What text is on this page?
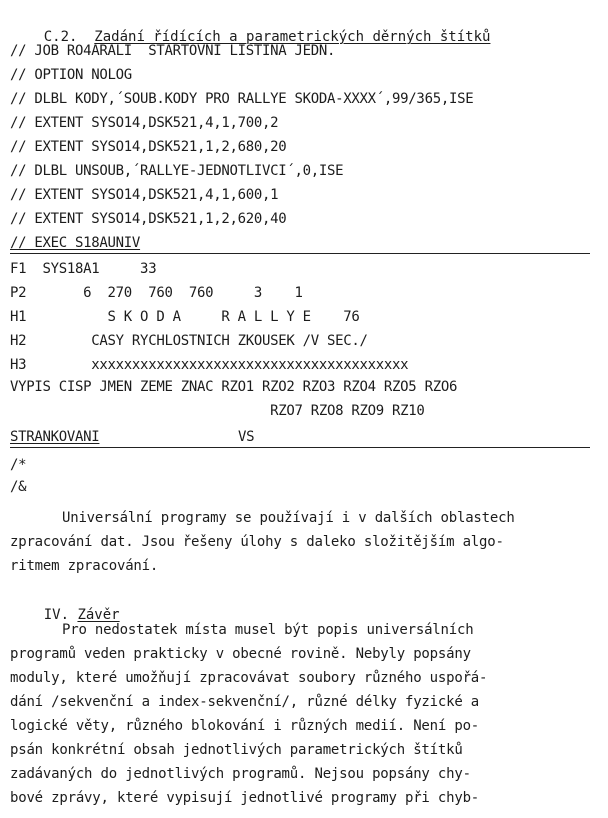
C.2. Zadání řídících a parametrických děrných štítků

// JOB RO4ARALI  STARTOVNI LISTINA JEDN.
// OPTION NOLOG
// DLBL KODY,´SOUB.KODY PRO RALLYE SKODA-XXXX´,99/365,ISE
// EXTENT SYSO14,DSK521,4,1,700,2
// EXTENT SYSO14,DSK521,1,2,680,20
// DLBL UNSOUB,´RALLYE-JEDNOTLIVCI´,0,ISE
// EXTENT SYSO14,DSK521,4,1,600,1
// EXTENT SYSO14,DSK521,1,2,620,40
// EXEC S18AUNIV
F1  SYS18A1     33
P2       6  270  760  760     3    1
H1          S K O D A     R A L L Y E    76
H2        CASY RYCHLOSTNICH ZKOUSEK /V SEC./
H3        xxxxxxxxxxxxxxxxxxxxxxxxxxxxxxxxxxxxxxx
VYPIS CISP JMEN ZEME ZNAC RZO1 RZO2 RZO3 RZO4 RZO5 RZO6
RZO7 RZO8 RZO9 RZ10
STRANKOVANI	VS
/*
/&

Universální programy se používají i v dalších oblastech

zpracování dat. Jsou řešeny úlohy s daleko složitějším algo-

ritmem zpracování.

IV. Závěr

Pro nedostatek místa musel být popis universálních

programů veden prakticky v obecné rovině. Nebyly popsány

moduly, které umožňují zpracovávat soubory různého uspořá-

dání /sekvenční a index-sekvenční/, různé délky fyzické a

logické věty, různého blokování i různých medií. Není po-

psán konkrétní obsah jednotlivých parametrických štítků

zadávaných do jednotlivých programů. Nejsou popsány chy-

bové zprávy, které vypisují jednotlivé programy při chyb-
